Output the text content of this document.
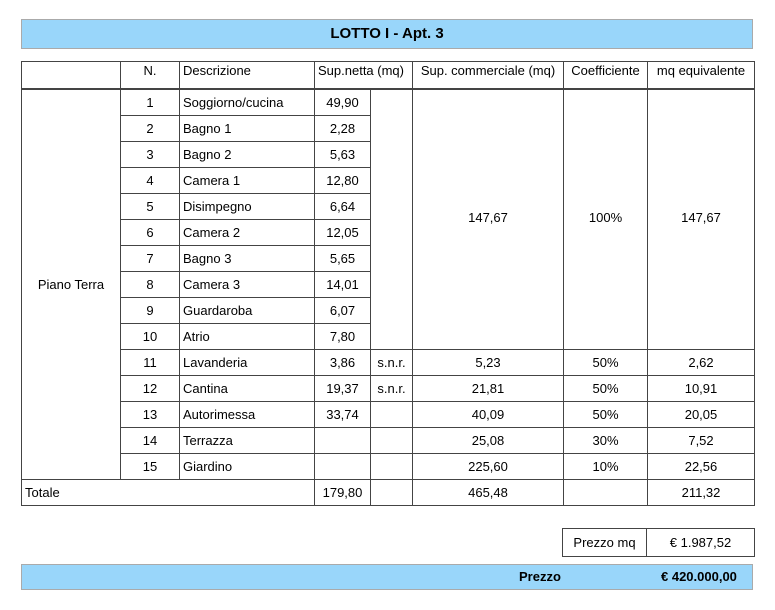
LOTTO I - Apt. 3
	N.	Descrizione	Sup.netta (mq)		Sup. commerciale (mq)	Coefficiente	mq equivalente

Piano Terra	1	Soggiorno/cucina	49,90		147,67	100%	147,67
	2	Bagno 1	2,28				
	3	Bagno 2	5,63				
	4	Camera 1	12,80				
	5	Disimpegno	6,64				
	6	Camera 2	12,05				
	7	Bagno 3	5,65				
	8	Camera 3	14,01				
	9	Guardaroba	6,07				
	10	Atrio	7,80				
	11	Lavanderia	3,86	s.n.r.	5,23	50%	2,62
	12	Cantina	19,37	s.n.r.	21,81	50%	10,91
	13	Autorimessa	33,74		40,09	50%	20,05
	14	Terrazza			25,08	30%	7,52
	15	Giardino			225,60	10%	22,56
Totale			179,80		465,48		211,32
Prezzo mq	€ 1.987,52
Prezzo	€ 420.000,00
